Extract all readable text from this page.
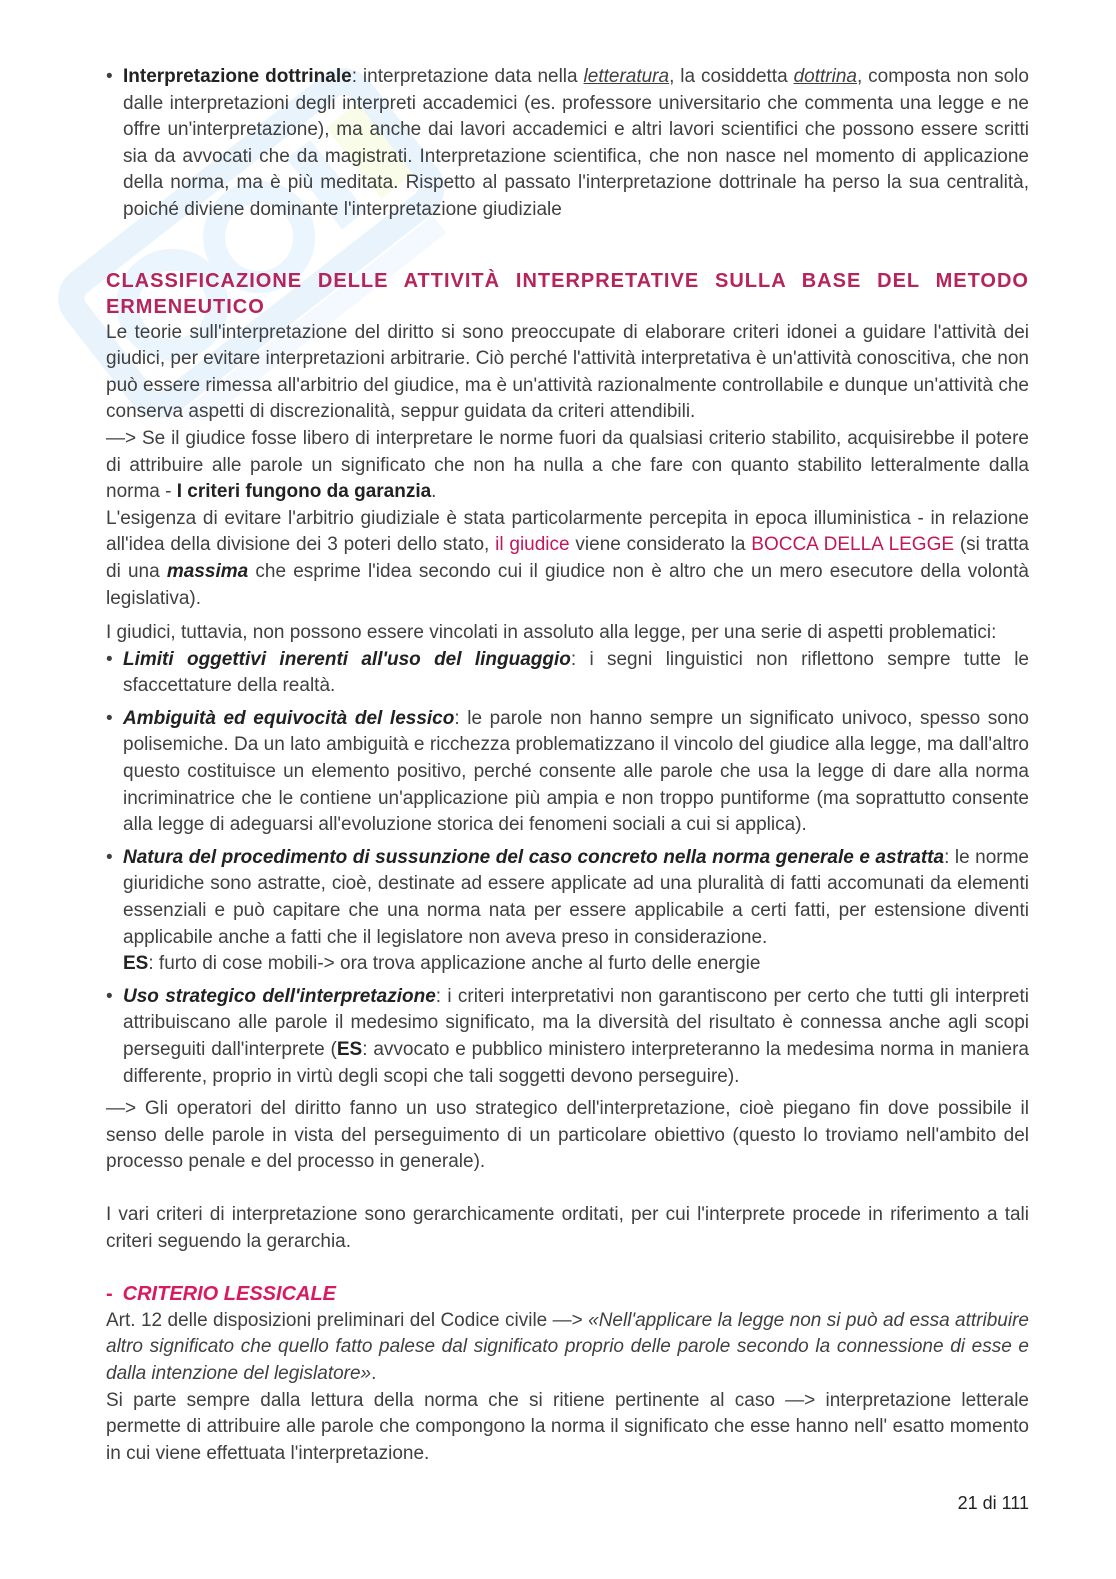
• Interpretazione dottrinale: interpretazione data nella letteratura, la cosiddetta dottrina, composta non solo dalle interpretazioni degli interpreti accademici (es. professore universitario che commenta una legge e ne offre un'interpretazione), ma anche dai lavori accademici e altri lavori scientifici che possono essere scritti sia da avvocati che da magistrati. Interpretazione scientifica, che non nasce nel momento di applicazione della norma, ma è più meditata. Rispetto al passato l'interpretazione dottrinale ha perso la sua centralità, poiché diviene dominante l'interpretazione giudiziale
CLASSIFICAZIONE DELLE ATTIVITÀ INTERPRETATIVE SULLA BASE DEL METODO ERMENEUTICO

Le teorie sull'interpretazione del diritto si sono preoccupate di elaborare criteri idonei a guidare l'attività dei giudici, per evitare interpretazioni arbitrarie. Ciò perché l'attività interpretativa è un'attività conoscitiva, che non può essere rimessa all'arbitrio del giudice, ma è un'attività razionalmente controllabile e dunque un'attività che conserva aspetti di discrezionalità, seppur guidata da criteri attendibili.

—> Se il giudice fosse libero di interpretare le norme fuori da qualsiasi criterio stabilito, acquisirebbe il potere di attribuire alle parole un significato che non ha nulla a che fare con quanto stabilito letteralmente dalla norma - I criteri fungono da garanzia.

L'esigenza di evitare l'arbitrio giudiziale è stata particolarmente percepita in epoca illuministica - in relazione all'idea della divisione dei 3 poteri dello stato, il giudice viene considerato la BOCCA DELLA LEGGE (si tratta di una massima che esprime l'idea secondo cui il giudice non è altro che un mero esecutore della volontà legislativa).

I giudici, tuttavia, non possono essere vincolati in assoluto alla legge, per una serie di aspetti problematici:

• Limiti oggettivi inerenti all'uso del linguaggio: i segni linguistici non riflettono sempre tutte le sfaccettature della realtà.
• Ambiguità ed equivocità del lessico: le parole non hanno sempre un significato univoco, spesso sono polisemiche. Da un lato ambiguità e ricchezza problematizzano il vincolo del giudice alla legge, ma dall'altro questo costituisce un elemento positivo, perché consente alle parole che usa la legge di dare alla norma incriminatrice che le contiene un'applicazione più ampia e non troppo puntiforme (ma soprattutto consente alla legge di adeguarsi all'evoluzione storica dei fenomeni sociali a cui si applica).
• Natura del procedimento di sussunzione del caso concreto nella norma generale e astratta: le norme giuridiche sono astratte, cioè, destinate ad essere applicate ad una pluralità di fatti accomunati da elementi essenziali e può capitare che una norma nata per essere applicabile a certi fatti, per estensione diventi applicabile anche a fatti che il legislatore non aveva preso in considerazione.
ES: furto di cose mobili-> ora trova applicazione anche al furto delle energie
• Uso strategico dell'interpretazione: i criteri interpretativi non garantiscono per certo che tutti gli interpreti attribuiscano alle parole il medesimo significato, ma la diversità del risultato è connessa anche agli scopi perseguiti dall'interprete (ES: avvocato e pubblico ministero interpreteranno la medesima norma in maniera differente, proprio in virtù degli scopi che tali soggetti devono perseguire).

—> Gli operatori del diritto fanno un uso strategico dell'interpretazione, cioè piegano fin dove possibile il senso delle parole in vista del perseguimento di un particolare obiettivo (questo lo troviamo nell'ambito del processo penale e del processo in generale).

I vari criteri di interpretazione sono gerarchicamente orditati, per cui l'interprete procede in riferimento a tali criteri seguendo la gerarchia.

- CRITERIO LESSICALE

Art. 12 delle disposizioni preliminari del Codice civile —> «Nell'applicare la legge non si può ad essa attribuire altro significato che quello fatto palese dal significato proprio delle parole secondo la connessione di esse e dalla intenzione del legislatore».

Si parte sempre dalla lettura della norma che si ritiene pertinente al caso —> interpretazione letterale permette di attribuire alle parole che compongono la norma il significato che esse hanno nell' esatto momento in cui viene effettuata l'interpretazione.

21 di 111
